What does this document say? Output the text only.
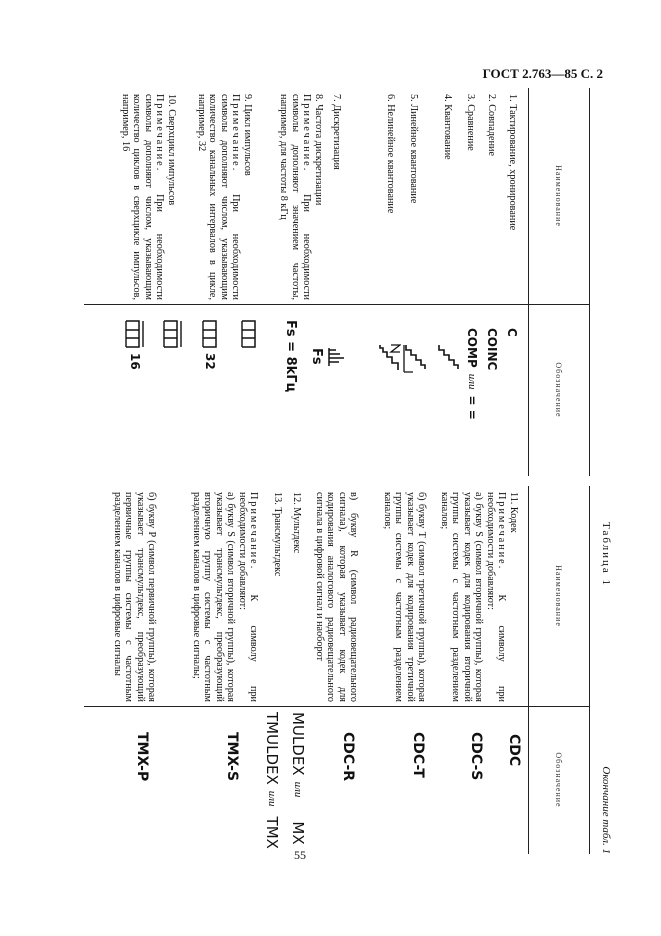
ГОСТ 2.763—85 С. 2
Таблица 1
Окончание табл. 1
Наименование
Обозначение
1. Тактирование, хронирование
C
2. Совпадение
COINC
3. Сравнение
COMP
или
= =
4. Квантование
5. Линейное квантование
6. Нелинейное квантование
7. Дискретизация
8. Частота дискретизации
Fs
Примечание. При необходимости символы дополняют значением частоты, например, для частоты 8 кГц
Fs = 8kГц
9. Цикл импульсов
Примечание. При необходимости символы дополняют числом, указывающим количество канальных интервалов в цикле, например, 32
32
10. Сверхцикл импульсов
Примечание. При необходимости символы дополняют числом, указывающим количество циклов в сверхцикле импульсов, например, 16
16
Наименование
Обозначение
11. Кодек
CDC
Примечание. К символу при необходимости добавляют:
а) букву S (символ вторичной группы), которая указывает кодек для кодирования вторичной группы системы с частотным разделением каналов;
CDC-S
б) букву T (символ третичной группы), которая указывает кодек для кодирования третичной группы системы с частотным разделением каналов;
CDC-T
в) букву R (символ радиовещательного сигнала), которая указывает кодек для кодирования аналогового радиовещательного сигнала в цифровой сигнал и наоборот
CDC-R
12. Мультдекс
MULDEX
или
MX
13. Трансмультдекс
TMULDEX
или
TMX
Примечание. К символу при необходимости добавляют:
а) букву S (символ вторичной группы), которая указывает трансмультдекс, преобразующий вторичную группу системы с частотным разделением каналов в цифровые сигналы;
TMX-S
б) букву P (символ первичной группы), которая указывает трансмультдекс, преобразующий первичные группы системы с частотным разделением каналов в цифровые сигналы
TMX-P
55
